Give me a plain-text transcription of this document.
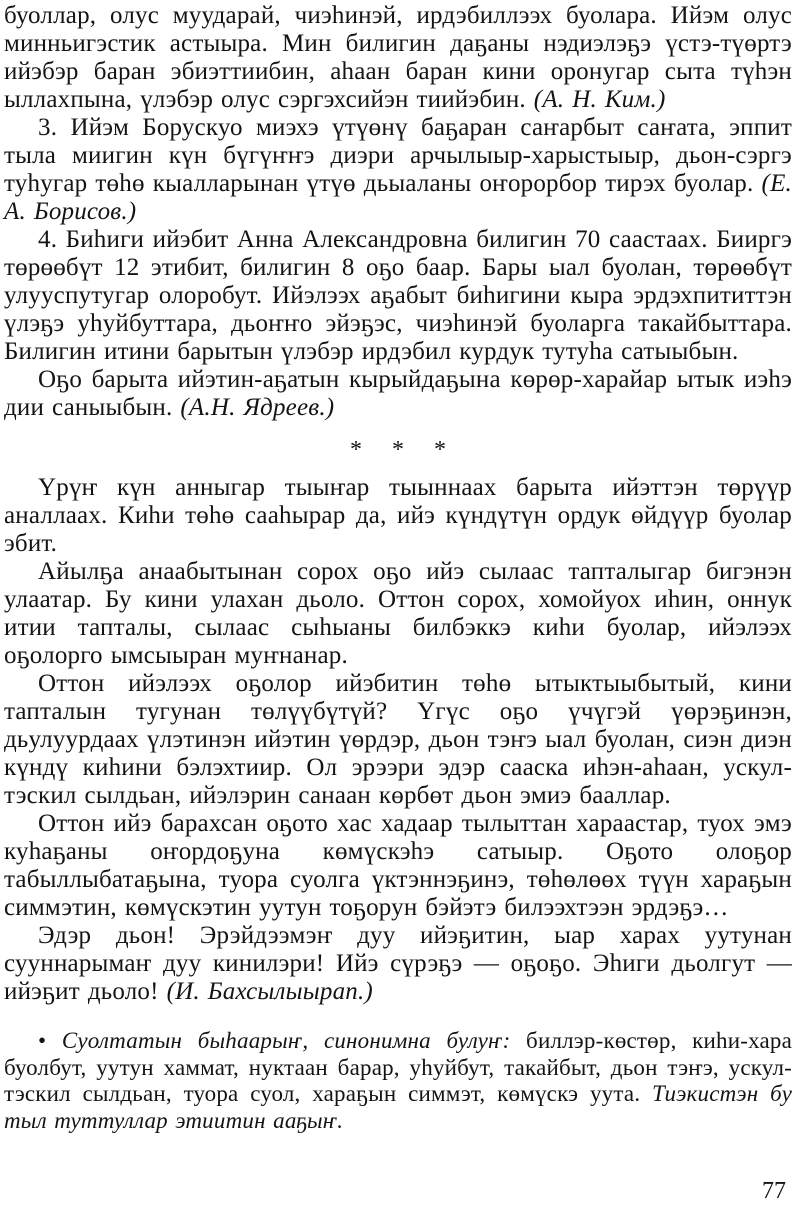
буоллар, олус муударай, чиэһинэй, ирдэбиллээх буолара. Ийэм олус минньигэстик астыыра. Мин билигин даҕаны нэдиэлэҕэ үстэ-түөртэ ийэбэр баран эбиэттиибин, аһаан баран кини оронугар сыта түһэн ыллахпына, үлэбэр олус сэргэхсийэн тиийэбин. (А. Н. Ким.)

3. Ийэм Борускуо миэхэ үтүөнү баҕаран саҥарбыт саҥата, эппит тыла миигин күн бүгүҥҥэ диэри арчылыыр-харыстыыр, дьон-сэргэ туһугар төһө кыалларынан үтүө дьыаланы оҥорорбор тирэх буолар. (Е. А. Борисов.)

4. Биһиги ийэбит Анна Александровна билигин 70 саастаах. Бииргэ төрөөбүт 12 этибит, билигин 8 оҕо баар. Бары ыал буолан, төрөөбүт улууспутугар олоробут. Ийэлээх аҕабыт биһигини кыра эрдэхпититтэн үлэҕэ уһуйбуттара, дьоҥҥо эйэҕэс, чиэһинэй буоларга такайбыттара. Билигин итини барытын үлэбэр ирдэбил курдук тутуһа сатыыбын.

Оҕо барыта ийэтин-аҕатын кырыйдаҕына көрөр-харайар ытык иэһэ дии саныыбын. (А.Н. Ядреев.)

* * *

Үрүҥ күн анныгар тыыҥар тыыннаах барыта ийэттэн төрүүр аналлаах. Киһи төһө сааһырар да, ийэ күндүтүн ордук өйдүүр буолар эбит.

Айылҕа анаабытынан сорох оҕо ийэ сылаас тапталыгар бигэнэн улаатар. Бу кини улахан дьоло. Оттон сорох, хомойуох иһин, оннук итии тапталы, сылаас сыһыаны билбэккэ киһи буолар, ийэлээх оҕолорго ымсыыран муҥнанар.

Оттон ийэлээх оҕолор ийэбитин төһө ытыктыыбытый, кини тапталын тугунан төлүүбүтүй? Үгүс оҕо үчүгэй үөрэҕинэн, дьулуурдаах үлэтинэн ийэтин үөрдэр, дьон тэҥэ ыал буолан, сиэн диэн күндү киһини бэлэхтиир. Ол эрээри эдэр сааска иһэн-аһаан, ускул-тэскил сылдьан, ийэлэрин санаан көрбөт дьон эмиэ бааллар.

Оттон ийэ барахсан оҕото хас хадаар тылыттан хараастар, туох эмэ куһаҕаны оҥордоҕуна көмүскэһэ сатыыр. Оҕото олоҕор табыллыбатаҕына, туора суолга үктэннэҕинэ, төһөлөөх түүн хараҕын симмэтин, көмүскэтин уутун тоҕорун бэйэтэ билээхтээн эрдэҕэ…

Эдэр дьон! Эрэйдээмэҥ дуу ийэҕитин, ыар харах уутунан сууннарымаҥ дуу кинилэри! Ийэ сүрэҕэ — оҕоҕо. Эһиги дьолгут — ийэҕит дьоло! (И. Бахсылыырап.)

• Суолтатын быһаарыҥ, синонимна булуҥ: биллэр-көстөр, киһи-хара буолбут, уутун хаммат, нуктаан барар, уһуйбут, такайбыт, дьон тэҥэ, ускул-тэскил сылдьан, туора суол, хараҕын симмэт, көмүскэ уута. Тиэкистэн бу тыл туттуллар этиитин ааҕыҥ.

77
